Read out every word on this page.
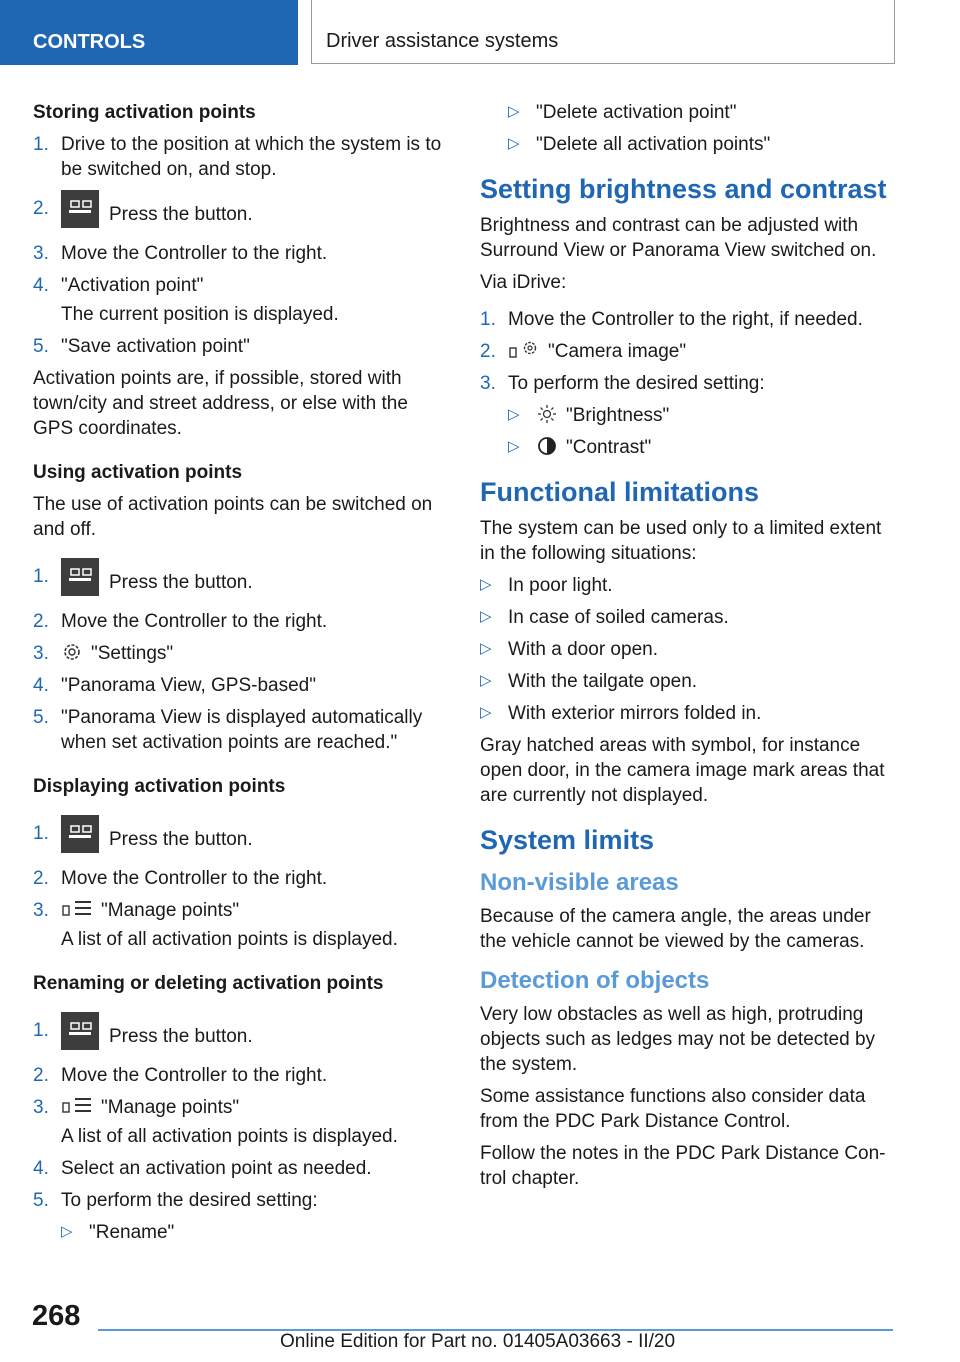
CONTROLS	Driver assistance systems

Storing activation points

1. Drive to the position at which the system is to be switched on, and stop.
2.	Press the button.
3. Move the Controller to the right.
4. "Activation point"
The current position is displayed.
5. "Save activation point"

Activation points are, if possible, stored with town/city and street address, or else with the GPS coordinates.

Using activation points

The use of activation points can be switched on and off.

1.	Press the button.
2. Move the Controller to the right.
3. "Settings"
4. "Panorama View, GPS-based"
5. "Panorama View is displayed automatically when set activation points are reached."

Displaying activation points

1.	Press the button.
2. Move the Controller to the right.
3.	"Manage points"
A list of all activation points is displayed.

Renaming or deleting activation points

1.	Press the button.
2. Move the Controller to the right.
3.	"Manage points"
A list of all activation points is displayed.
4. Select an activation point as needed.
5. To perform the desired setting:
▷ "Rename"
▷ "Delete activation point"
▷ "Delete all activation points"
Setting brightness and contrast

Brightness and contrast can be adjusted with Surround View or Panorama View switched on.

Via iDrive:

1. Move the Controller to the right, if needed.
2.	"Camera image"
3. To perform the desired setting:
▷ "Brightness"
▷ "Contrast"
Functional limitations

The system can be used only to a limited extent in the following situations:

▷ In poor light.
▷ In case of soiled cameras.
▷ With a door open.
▷ With the tailgate open.
▷ With exterior mirrors folded in.

Gray hatched areas with symbol, for instance open door, in the camera image mark areas that are currently not displayed.

System limits
Non-visible areas

Because of the camera angle, the areas under the vehicle cannot be viewed by the cameras.

Detection of objects

Very low obstacles as well as high, protruding objects such as ledges may not be detected by the system.

Some assistance functions also consider data from the PDC Park Distance Control.

Follow the notes in the PDC Park Distance Con-trol chapter.

268
Online Edition for Part no. 01405A03663 - II/20
